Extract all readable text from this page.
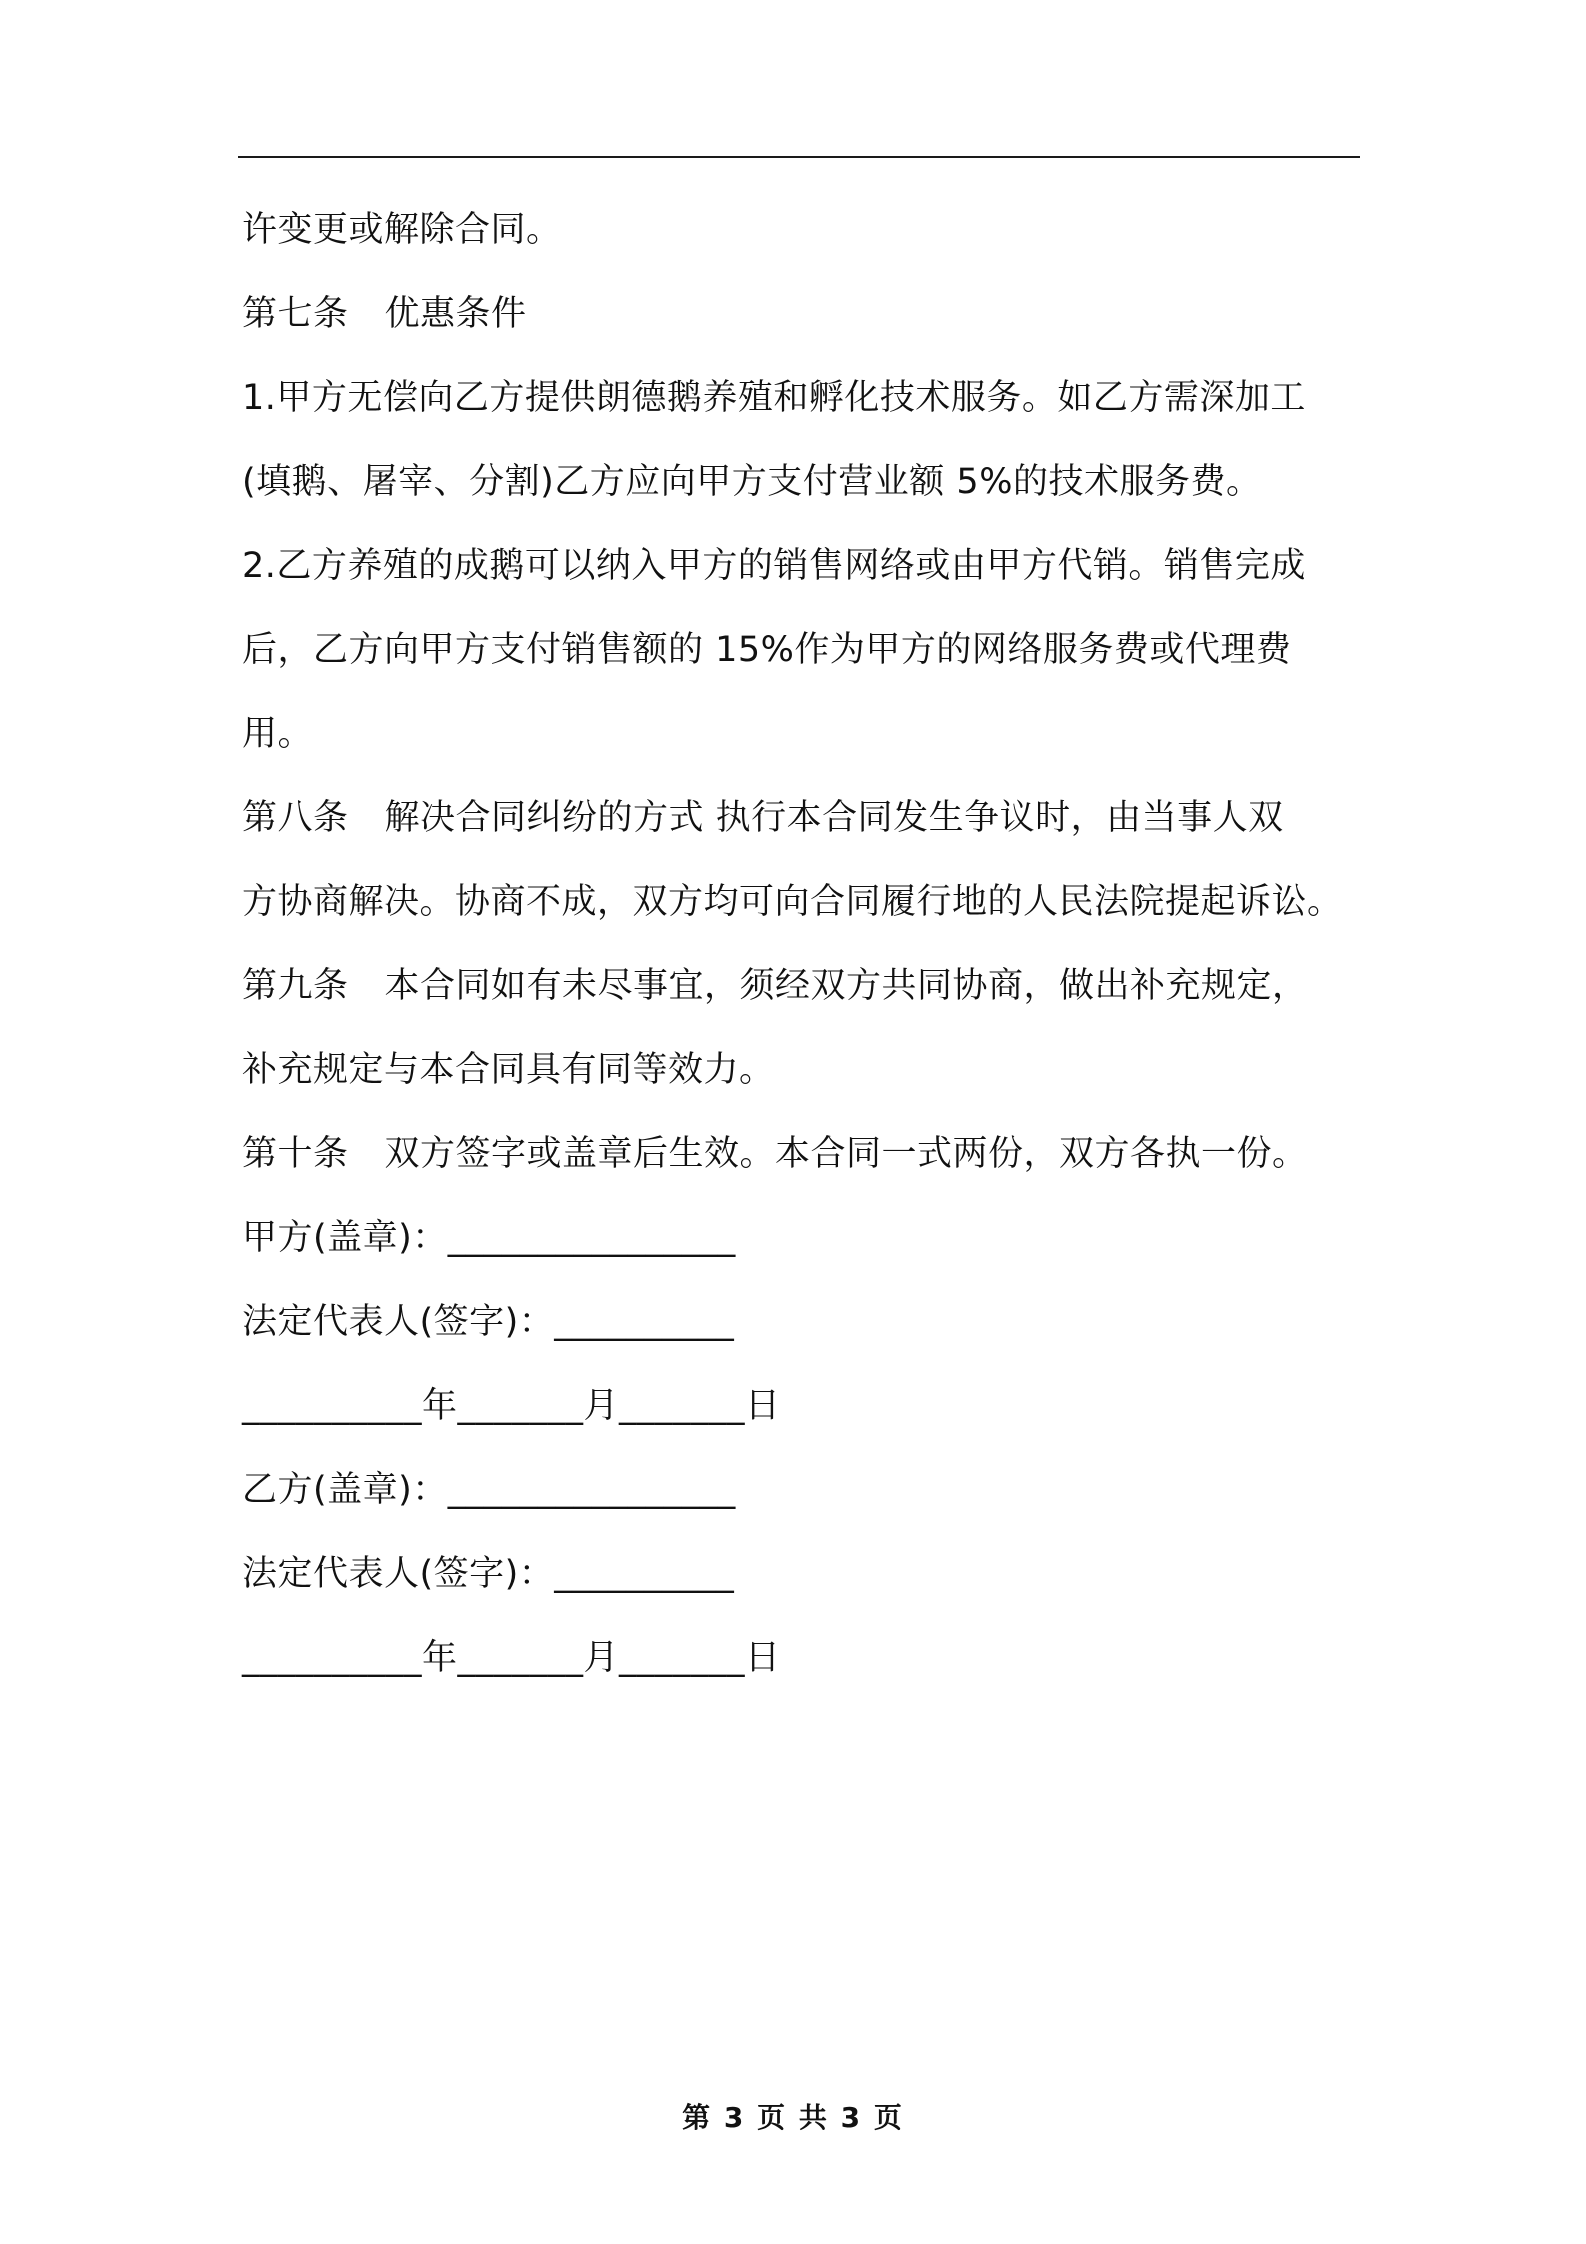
许变更或解除合同。
第七条 优惠条件
1.甲方无偿向乙方提供朗德鹅养殖和孵化技术服务。如乙方需深加工
(填鹅、屠宰、分割)乙方应向甲方支付营业额 5%的技术服务费。
2.乙方养殖的成鹅可以纳入甲方的销售网络或由甲方代销。销售完成
后，乙方向甲方支付销售额的 15%作为甲方的网络服务费或代理费
用。
第八条 解决合同纠纷的方式 执行本合同发生争议时，由当事人双
方协商解决。协商不成，双方均可向合同履行地的人民法院提起诉讼。
第九条 本合同如有未尽事宜，须经双方共同协商，做出补充规定，
补充规定与本合同具有同等效力。
第十条 双方签字或盖章后生效。本合同一式两份，双方各执一份。
甲方(盖章)：________________
法定代表人(签字)：__________
__________年_______月_______日
乙方(盖章)：________________
法定代表人(签字)：__________
__________年_______月_______日
第 3 页 共 3 页
